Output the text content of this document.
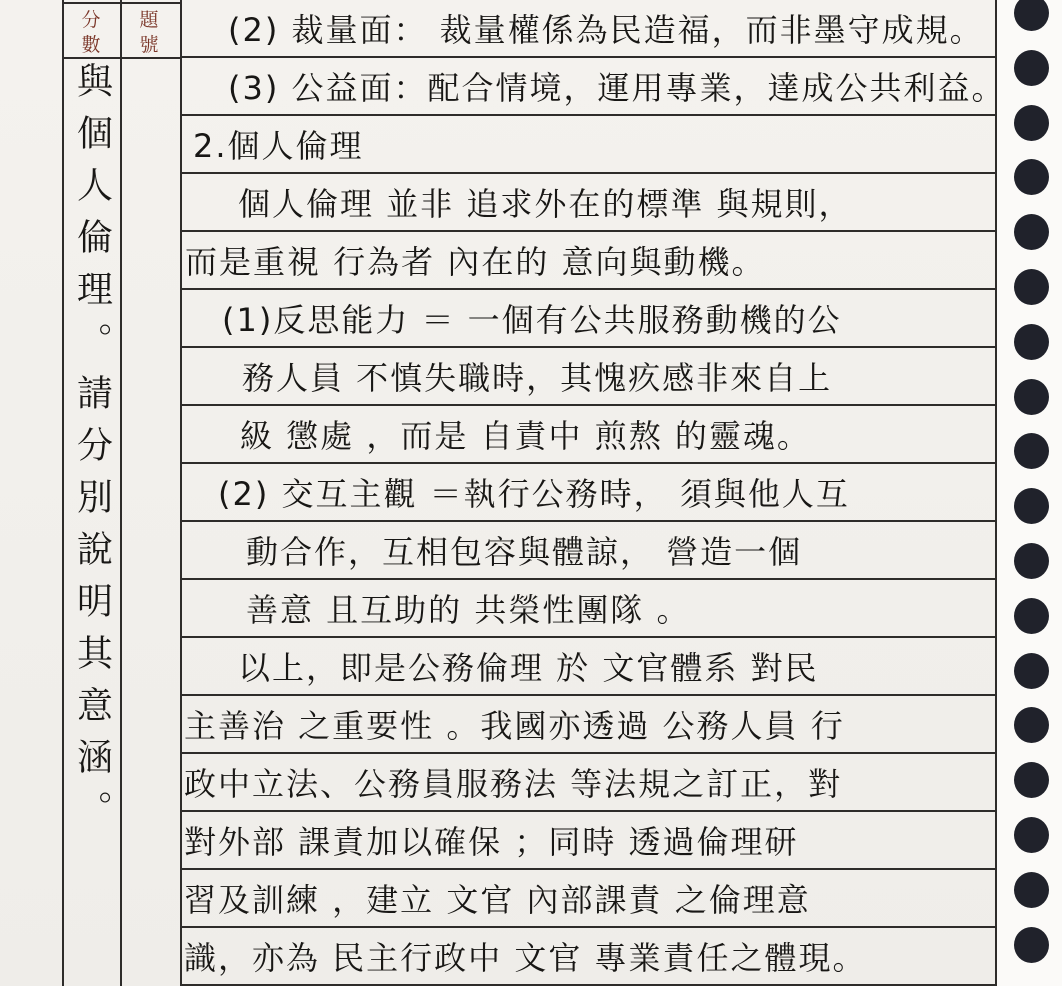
分數
題號
與個人倫理。請分別說明其意涵。
(2) 裁量面： 裁量權係為民造福，而非墨守成規。
(3) 公益面：配合情境，運用專業，達成公共利益。
2.個人倫理
個人倫理 並非 追求外在的標準 與規則，
而是重視 行為者 內在的 意向與動機。
(1)反思能力 ＝ 一個有公共服務動機的公
務人員 不慎失職時，其愧疚感非來自上
級 懲處 ，而是 自責中 煎熬 的靈魂。
(2) 交互主觀 ＝執行公務時， 須與他人互
動合作，互相包容與體諒， 營造一個
善意 且互助的 共榮性團隊 。
以上，即是公務倫理 於 文官體系 對民
主善治 之重要性 。我國亦透過 公務人員 行
政中立法、公務員服務法 等法規之訂正，對
對外部 課責加以確保 ；同時 透過倫理研
習及訓練 ，建立 文官 內部課責 之倫理意
識，亦為 民主行政中 文官 專業責任之體現。
